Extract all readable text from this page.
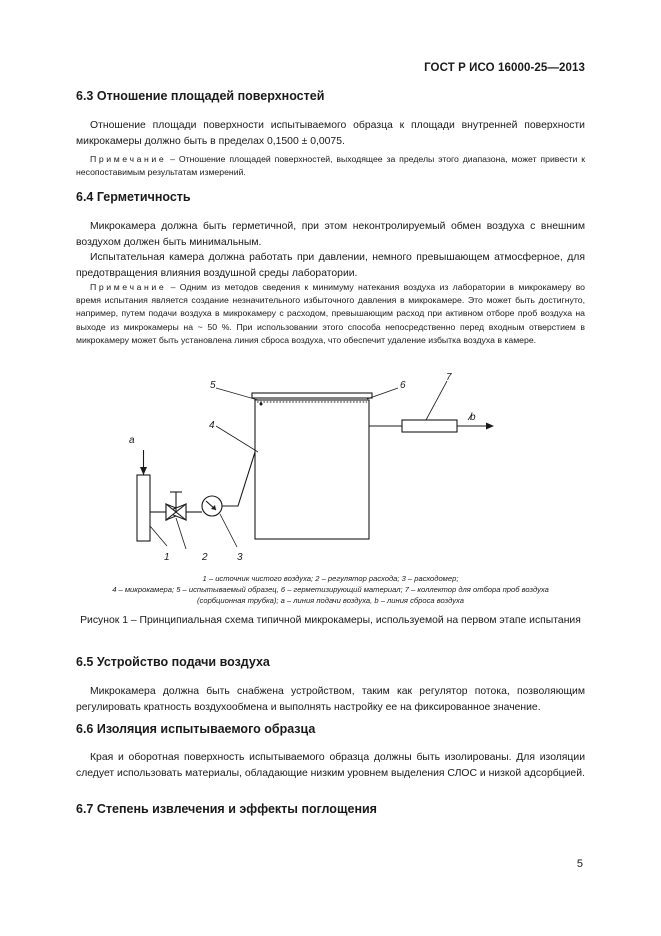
ГОСТ Р ИСО 16000-25—2013
6.3 Отношение площадей поверхностей

Отношение площади поверхности испытываемого образца к площади внутренней поверхности микрокамеры должно быть в пределах 0,1500 ± 0,0075.

Примечание – Отношение площадей поверхностей, выходящее за пределы этого диапазона, может привести к несопоставимым результатам измерений.

6.4 Герметичность

Микрокамера должна быть герметичной, при этом неконтролируемый обмен воздуха с внешним воздухом должен быть минимальным.

Испытательная камера должна работать при давлении, немного превышающем атмосферное, для предотвращения влияния воздушной среды лаборатории.

Примечание – Одним из методов сведения к минимуму натекания воздуха из лаборатории в микрокамеру во время испытания является создание незначительного избыточного давления в микрокамере. Это может быть достигнуто, например, путем подачи воздуха в микрокамеру с расходом, превышающим расход при активном отборе проб воздуха на выходе из микрокамеры на ~ 50 %. При использовании этого способа непосредственно перед входным отверстием в микрокамеру может быть установлена линия сброса воздуха, что обеспечит удаление избытка воздуха в камере.

5	6
4
7
b
a
1	2	3

1 – источник чистого воздуха; 2 – регулятор расхода; 3 – расходомер;

4 – микрокамера; 5 – испытываемый образец, 6 – герметизирующий материал; 7 – коллектор для отбора проб воздуха

(сорбционная трубка); a – линия подачи воздуха, b – линия сброса воздуха

Рисунок 1 – Принципиальная схема типичной микрокамеры, используемой на первом этапе испытания

6.5 Устройство подачи воздуха

Микрокамера должна быть снабжена устройством, таким как регулятор потока, позволяющим регулировать кратность воздухообмена и выполнять настройку ее на фиксированное значение.

6.6 Изоляция испытываемого образца

Края и оборотная поверхность испытываемого образца должны быть изолированы. Для изоляции следует использовать материалы, обладающие низким уровнем выделения СЛОС и низкой адсорбцией.

6.7 Степень извлечения и эффекты поглощения
5
